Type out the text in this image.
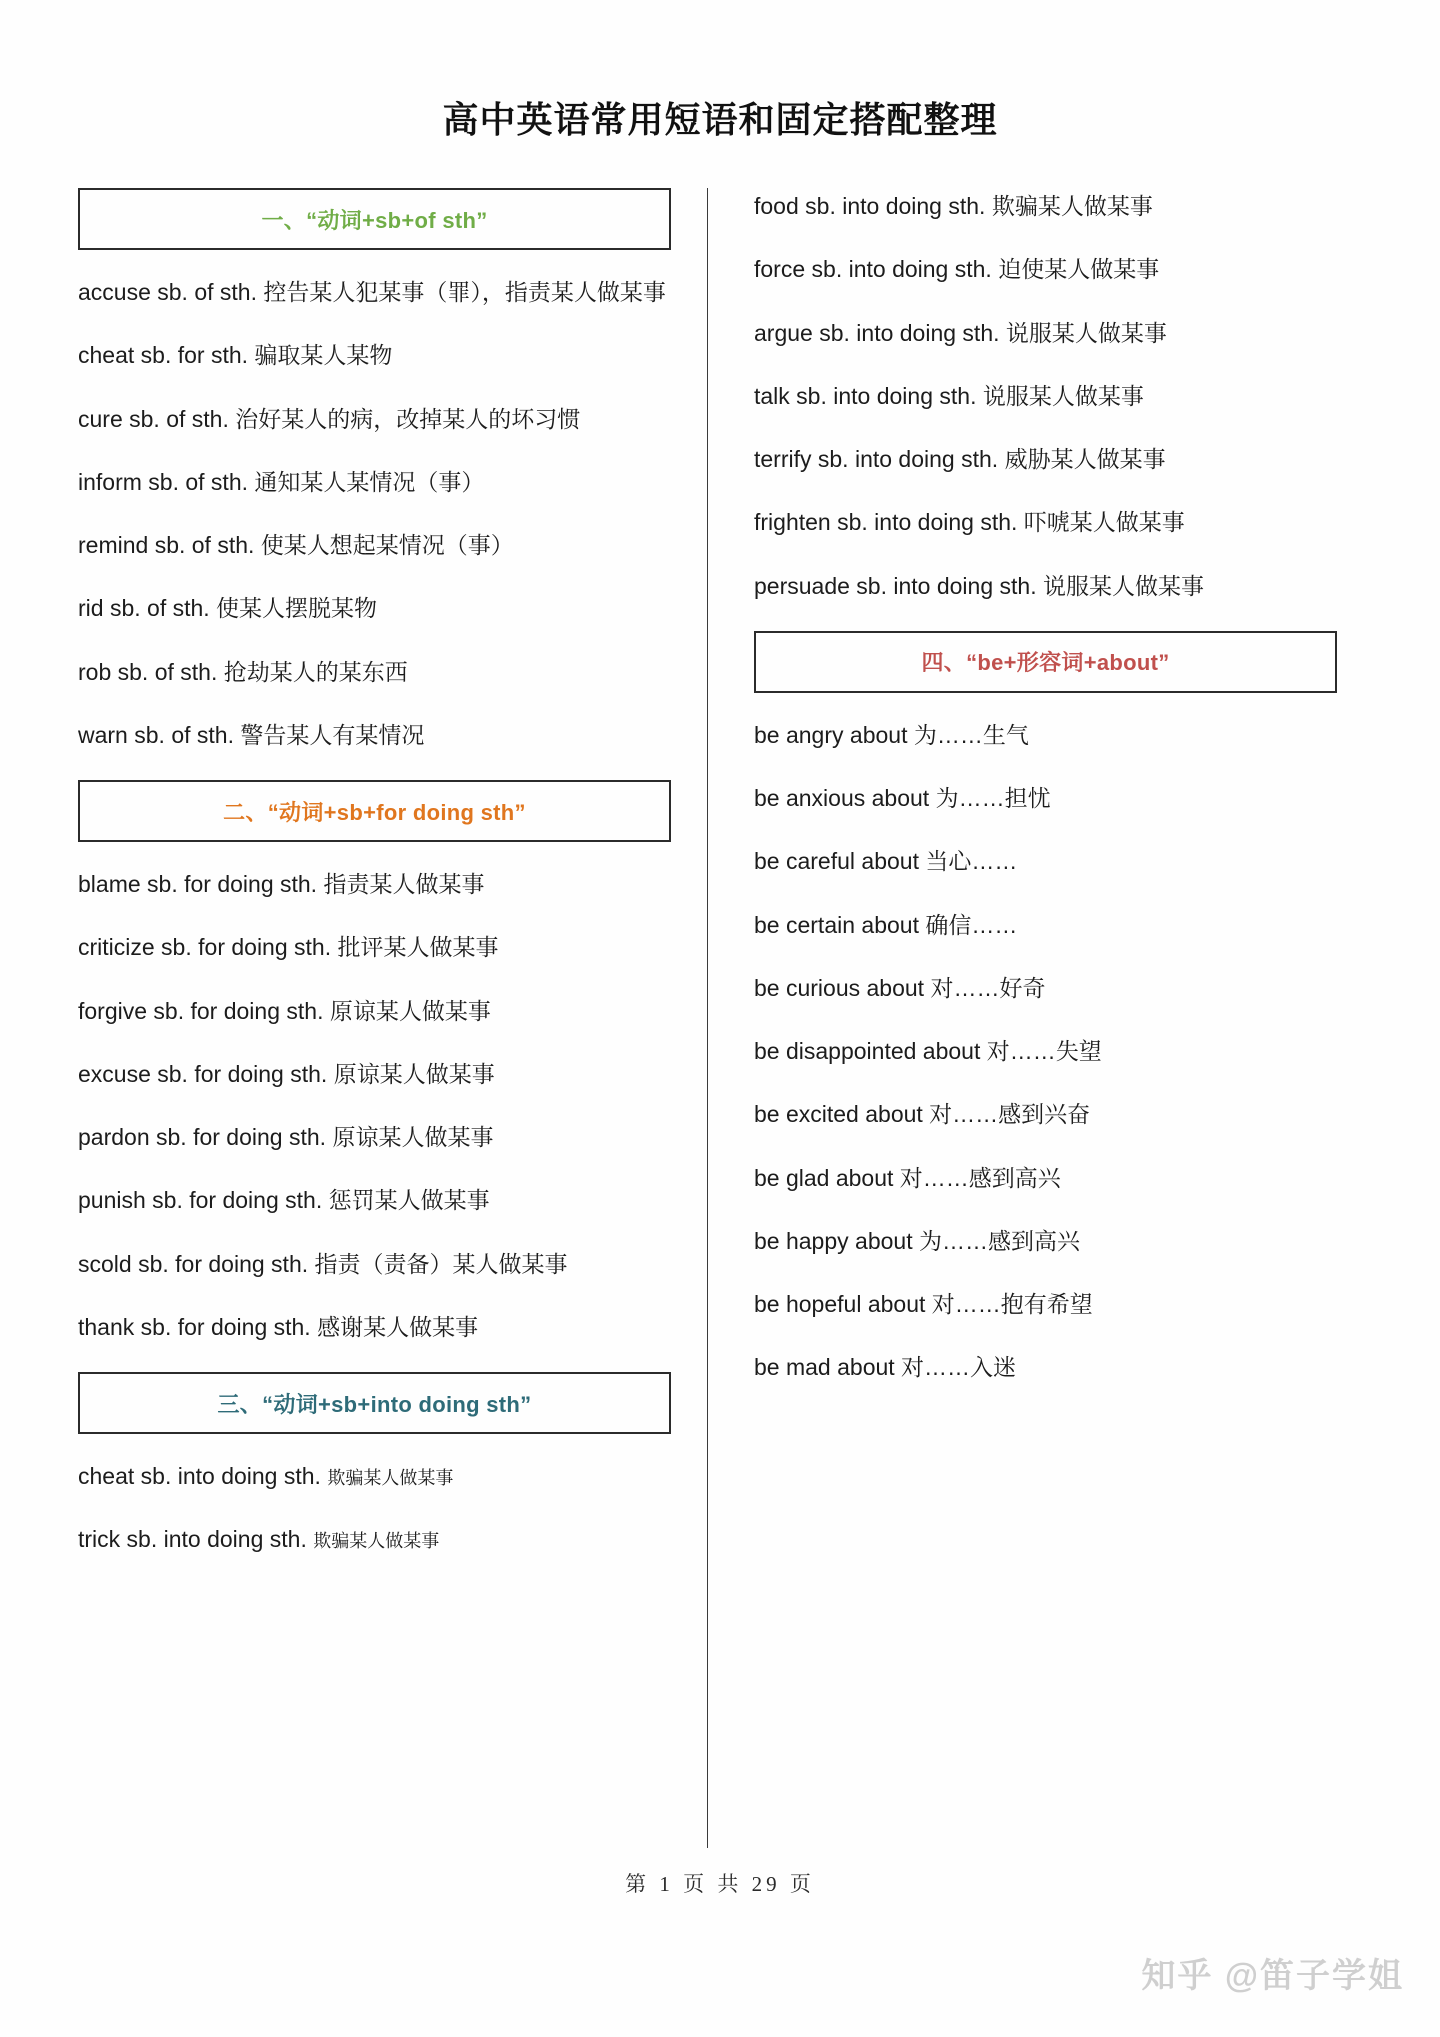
高中英语常用短语和固定搭配整理
一、“动词+sb+of sth”

accuse sb. of sth. 控告某人犯某事（罪），指责某人做某事

cheat sb. for sth. 骗取某人某物

cure sb. of sth. 治好某人的病，改掉某人的坏习惯

inform sb. of sth. 通知某人某情况（事）

remind sb. of sth. 使某人想起某情况（事）

rid sb. of sth. 使某人摆脱某物

rob sb. of sth. 抢劫某人的某东西

warn sb. of sth. 警告某人有某情况

二、“动词+sb+for doing sth”

blame sb. for doing sth. 指责某人做某事

criticize sb. for doing sth. 批评某人做某事

forgive sb. for doing sth. 原谅某人做某事

excuse sb. for doing sth. 原谅某人做某事

pardon sb. for doing sth. 原谅某人做某事

punish sb. for doing sth. 惩罚某人做某事

scold sb. for doing sth. 指责（责备）某人做某事

thank sb. for doing sth. 感谢某人做某事

三、“动词+sb+into doing sth”

cheat sb. into doing sth. 欺骗某人做某事

trick sb. into doing sth. 欺骗某人做某事

food sb. into doing sth. 欺骗某人做某事

force sb. into doing sth. 迫使某人做某事

argue sb. into doing sth. 说服某人做某事

talk sb. into doing sth. 说服某人做某事

terrify sb. into doing sth. 威胁某人做某事

frighten sb. into doing sth. 吓唬某人做某事

persuade sb. into doing sth. 说服某人做某事

四、“be+形容词+about”

be angry about 为……生气

be anxious about 为……担忧

be careful about 当心……

be certain about 确信……

be curious about 对……好奇

be disappointed about 对……失望

be excited about 对……感到兴奋

be glad about 对……感到高兴

be happy about 为……感到高兴

be hopeful about 对……抱有希望

be mad about 对……入迷

第 1 页 共 29 页
知乎 @笛子学姐
